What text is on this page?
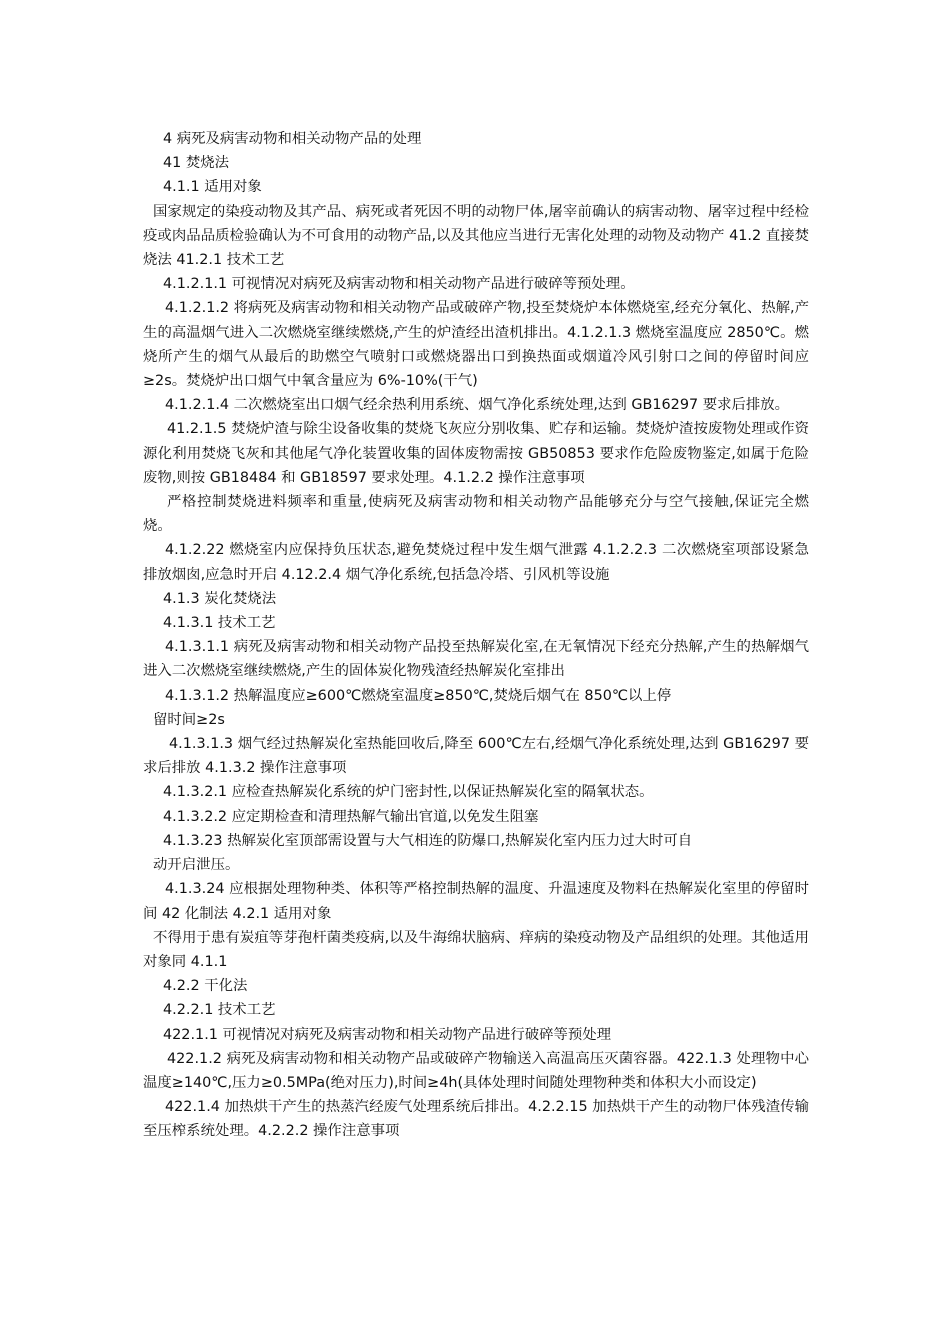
4 病死及病害动物和相关动物产品的处理

41 焚烧法

4.1.1 适用对象

国家规定的染疫动物及其产品、病死或者死因不明的动物尸体,屠宰前确认的病害动物、屠宰过程中经检疫或肉品品质检验确认为不可食用的动物产品,以及其他应当进行无害化处理的动物及动物产 41.2 直接焚烧法 41.2.1 技术工艺

4.1.2.1.1 可视情况对病死及病害动物和相关动物产品进行破碎等预处理。

4.1.2.1.2 将病死及病害动物和相关动物产品或破碎产物,投至焚烧炉本体燃烧室,经充分氧化、热解,产生的高温烟气进入二次燃烧室继续燃烧,产生的炉渣经出渣机排出。4.1.2.1.3 燃烧室温度应 2850℃。燃烧所产生的烟气从最后的助燃空气喷射口或燃烧器出口到换热面或烟道冷风引射口之间的停留时间应≥2s。焚烧炉出口烟气中氧含量应为 6%-10%(干气)

4.1.2.1.4 二次燃烧室出口烟气经余热利用系统、烟气净化系统处理,达到 GB16297 要求后排放。

41.2.1.5 焚烧炉渣与除尘设备收集的焚烧飞灰应分别收集、贮存和运输。焚烧炉渣按废物处理或作资源化利用焚烧飞灰和其他尾气净化装置收集的固体废物需按 GB50853 要求作危险废物鉴定,如属于危险废物,则按 GB18484 和 GB18597 要求处理。4.1.2.2 操作注意事项

严格控制焚烧进料频率和重量,使病死及病害动物和相关动物产品能够充分与空气接触,保证完全燃烧。

4.1.2.22 燃烧室内应保持负压状态,避免焚烧过程中发生烟气泄露 4.1.2.2.3 二次燃烧室项部设紧急排放烟囱,应急时开启 4.12.2.4 烟气净化系统,包括急冷塔、引风机等设施

4.1.3 炭化焚烧法

4.1.3.1 技术工艺

4.1.3.1.1 病死及病害动物和相关动物产品投至热解炭化室,在无氧情况下经充分热解,产生的热解烟气进入二次燃烧室继续燃烧,产生的固体炭化物残渣经热解炭化室排出

4.1.3.1.2 热解温度应≥600℃燃烧室温度≥850℃,焚烧后烟气在 850℃以上停

留时间≥2s

4.1.3.1.3 烟气经过热解炭化室热能回收后,降至 600℃左右,经烟气净化系统处理,达到 GB16297 要求后排放 4.1.3.2 操作注意事项

4.1.3.2.1 应检查热解炭化系统的炉门密封性,以保证热解炭化室的隔氧状态。

4.1.3.2.2 应定期检查和清理热解气输出官道,以免发生阻塞

4.1.3.23 热解炭化室顶部需设置与大气相连的防爆口,热解炭化室内压力过大时可自

动开启泄压。

4.1.3.24 应根据处理物种类、体积等严格控制热解的温度、升温速度及物料在热解炭化室里的停留时间 42 化制法 4.2.1 适用对象

不得用于患有炭疽等芽孢杆菌类疫病,以及牛海绵状脑病、痒病的染疫动物及产品组织的处理。其他适用对象同 4.1.1

4.2.2 干化法

4.2.2.1 技术工艺

422.1.1 可视情况对病死及病害动物和相关动物产品进行破碎等预处理

422.1.2 病死及病害动物和相关动物产品或破碎产物输送入高温高压灭菌容器。422.1.3 处理物中心温度≥140℃,压力≥0.5MPa(绝对压力),时间≥4h(具体处理时间随处理物种类和体积大小而设定)

422.1.4 加热烘干产生的热蒸汽经废气处理系统后排出。4.2.2.15 加热烘干产生的动物尸体残渣传输至压榨系统处理。4.2.2.2 操作注意事项
